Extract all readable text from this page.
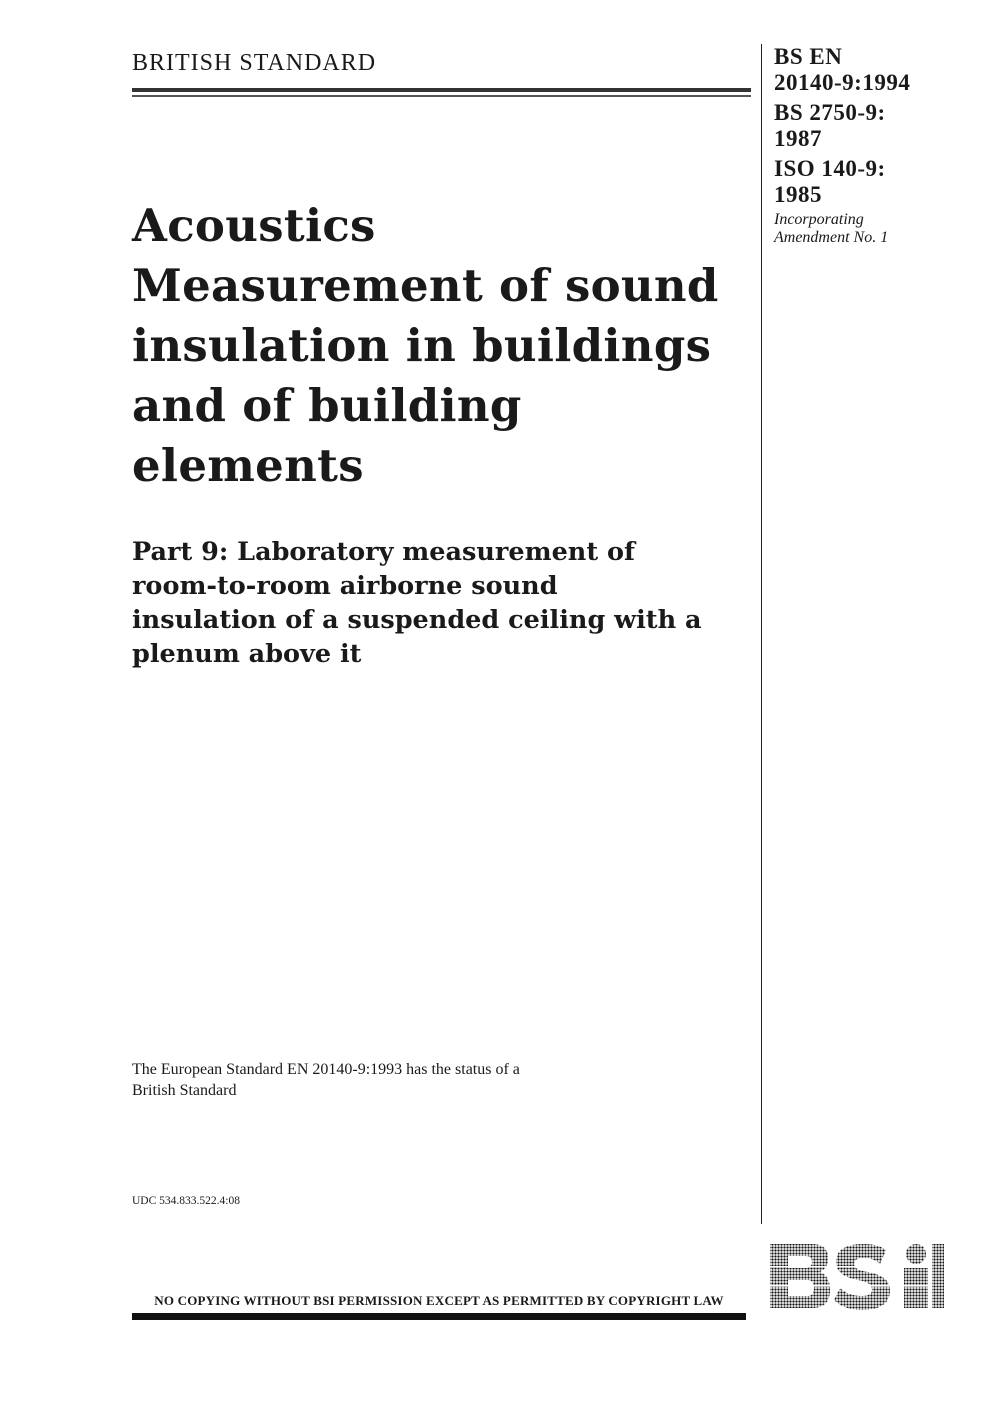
BRITISH STANDARD	BS EN
20140-9:1994
BS 2750-9:
1987
ISO 140-9:
1985
Incorporating
Amendment No. 1
Acoustics
Measurement of sound
insulation in buildings
and of building
elements
Part 9: Laboratory measurement of
room-to-room airborne sound
insulation of a suspended ceiling with a
plenum above it
The European Standard EN 20140-9:1993 has the status of a
British Standard
UDC 534.833.522.4:08
NO COPYING WITHOUT BSI PERMISSION EXCEPT AS PERMITTED BY COPYRIGHT LAW
